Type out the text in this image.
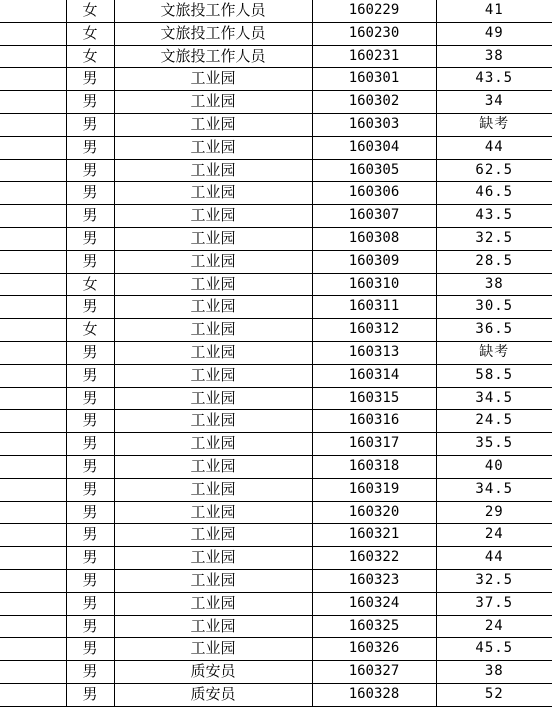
	女	文旅投工作人员	160229	41
	女	文旅投工作人员	160230	49
	女	文旅投工作人员	160231	38
	男	工业园	160301	43.5
	男	工业园	160302	34
	男	工业园	160303	缺考
	男	工业园	160304	44
	男	工业园	160305	62.5
	男	工业园	160306	46.5
	男	工业园	160307	43.5
	男	工业园	160308	32.5
	男	工业园	160309	28.5
	女	工业园	160310	38
	男	工业园	160311	30.5
	女	工业园	160312	36.5
	男	工业园	160313	缺考
	男	工业园	160314	58.5
	男	工业园	160315	34.5
	男	工业园	160316	24.5
	男	工业园	160317	35.5
	男	工业园	160318	40
	男	工业园	160319	34.5
	男	工业园	160320	29
	男	工业园	160321	24
	男	工业园	160322	44
	男	工业园	160323	32.5
	男	工业园	160324	37.5
	男	工业园	160325	24
	男	工业园	160326	45.5
	男	质安员	160327	38
	男	质安员	160328	52
